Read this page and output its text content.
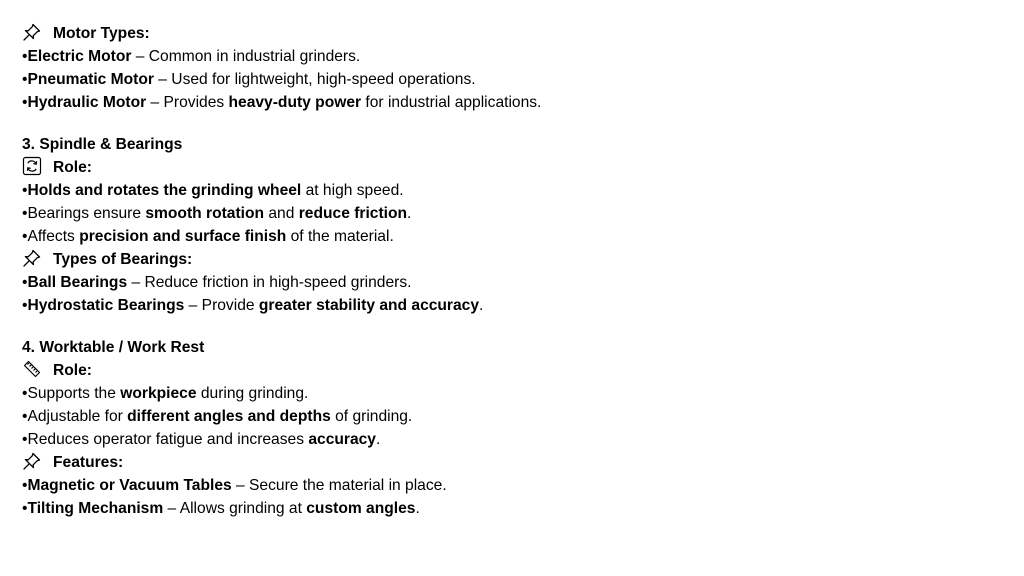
Motor Types:
•Electric Motor – Common in industrial grinders.
•Pneumatic Motor – Used for lightweight, high-speed operations.
•Hydraulic Motor – Provides heavy-duty power for industrial applications.
3. Spindle & Bearings
Role:
•Holds and rotates the grinding wheel at high speed.
•Bearings ensure smooth rotation and reduce friction.
•Affects precision and surface finish of the material.
Types of Bearings:
•Ball Bearings – Reduce friction in high-speed grinders.
•Hydrostatic Bearings – Provide greater stability and accuracy.
4. Worktable / Work Rest
Role:
•Supports the workpiece during grinding.
•Adjustable for different angles and depths of grinding.
•Reduces operator fatigue and increases accuracy.
Features:
•Magnetic or Vacuum Tables – Secure the material in place.
•Tilting Mechanism – Allows grinding at custom angles.
